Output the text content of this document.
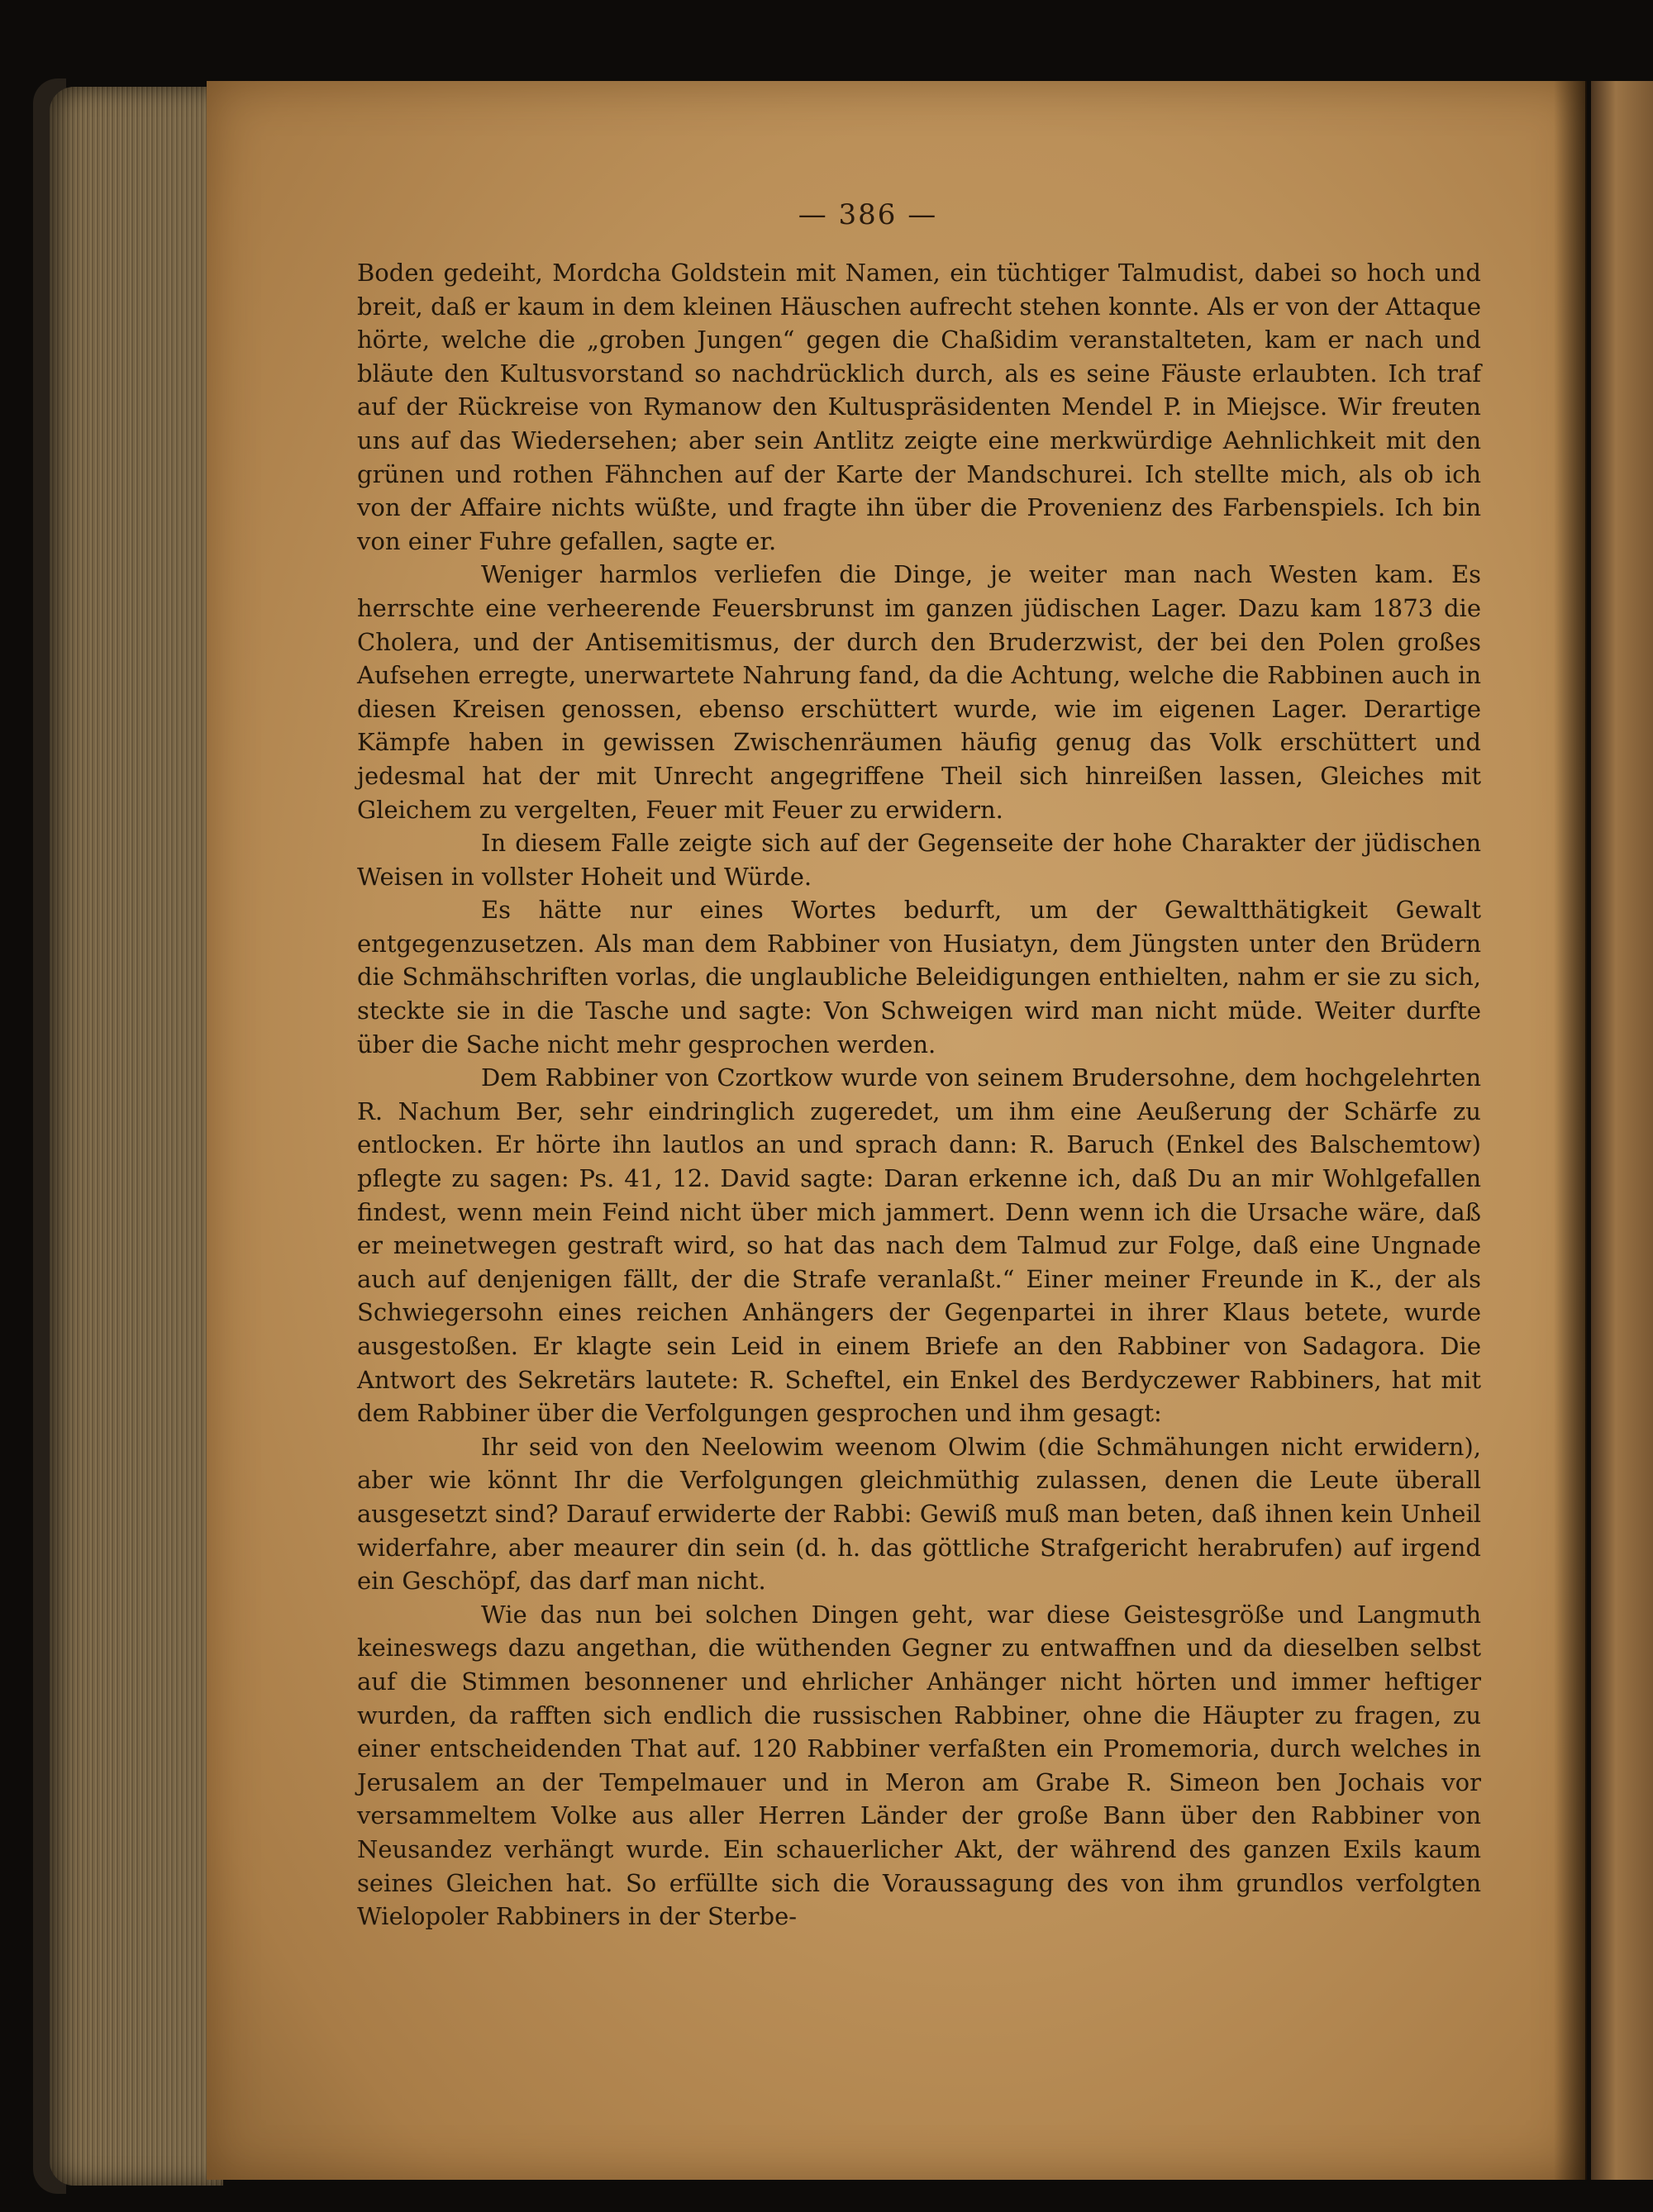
— 386 —

Boden gedeiht, Mordcha Goldstein mit Namen, ein tüchtiger Talmudist, dabei so hoch und breit, daß er kaum in dem kleinen Häuschen aufrecht stehen konnte. Als er von der Attaque hörte, welche die „groben Jungen“ gegen die Chaßidim veranstalteten, kam er nach und bläute den Kultusvorstand so nachdrücklich durch, als es seine Fäuste erlaubten. Ich traf auf der Rückreise von Rymanow den Kultuspräsidenten Mendel P. in Miejsce. Wir freuten uns auf das Wiedersehen; aber sein Antlitz zeigte eine merkwürdige Aehnlichkeit mit den grünen und rothen Fähnchen auf der Karte der Mandschurei. Ich stellte mich, als ob ich von der Affaire nichts wüßte, und fragte ihn über die Provenienz des Farbenspiels. Ich bin von einer Fuhre gefallen, sagte er.

Weniger harmlos verliefen die Dinge, je weiter man nach Westen kam. Es herrschte eine verheerende Feuersbrunst im ganzen jüdischen Lager. Dazu kam 1873 die Cholera, und der Antisemitismus, der durch den Bruderzwist, der bei den Polen großes Aufsehen erregte, unerwartete Nahrung fand, da die Achtung, welche die Rabbinen auch in diesen Kreisen genossen, ebenso erschüttert wurde, wie im eigenen Lager. Derartige Kämpfe haben in gewissen Zwischenräumen häufig genug das Volk erschüttert und jedesmal hat der mit Unrecht angegriffene Theil sich hinreißen lassen, Gleiches mit Gleichem zu vergelten, Feuer mit Feuer zu erwidern.

In diesem Falle zeigte sich auf der Gegenseite der hohe Charakter der jüdischen Weisen in vollster Hoheit und Würde.

Es hätte nur eines Wortes bedurft, um der Gewaltthätigkeit Gewalt entgegenzusetzen. Als man dem Rabbiner von Husiatyn, dem Jüngsten unter den Brüdern die Schmähschriften vorlas, die unglaubliche Beleidigungen enthielten, nahm er sie zu sich, steckte sie in die Tasche und sagte: Von Schweigen wird man nicht müde. Weiter durfte über die Sache nicht mehr gesprochen werden.

Dem Rabbiner von Czortkow wurde von seinem Brudersohne, dem hochgelehrten R. Nachum Ber, sehr eindringlich zugeredet, um ihm eine Aeußerung der Schärfe zu entlocken. Er hörte ihn lautlos an und sprach dann: R. Baruch (Enkel des Balschemtow) pflegte zu sagen: Ps. 41, 12. David sagte: Daran erkenne ich, daß Du an mir Wohlgefallen findest, wenn mein Feind nicht über mich jammert. Denn wenn ich die Ursache wäre, daß er meinetwegen gestraft wird, so hat das nach dem Talmud zur Folge, daß eine Ungnade auch auf denjenigen fällt, der die Strafe veranlaßt.“ Einer meiner Freunde in K., der als Schwiegersohn eines reichen Anhängers der Gegenpartei in ihrer Klaus betete, wurde ausgestoßen. Er klagte sein Leid in einem Briefe an den Rabbiner von Sadagora. Die Antwort des Sekretärs lautete: R. Scheftel, ein Enkel des Berdyczewer Rabbiners, hat mit dem Rabbiner über die Verfolgungen gesprochen und ihm gesagt:

Ihr seid von den Neelowim weenom Olwim (die Schmähungen nicht erwidern), aber wie könnt Ihr die Verfolgungen gleichmüthig zulassen, denen die Leute überall ausgesetzt sind? Darauf erwiderte der Rabbi: Gewiß muß man beten, daß ihnen kein Unheil widerfahre, aber meaurer din sein (d. h. das göttliche Strafgericht herabrufen) auf irgend ein Geschöpf, das darf man nicht.

Wie das nun bei solchen Dingen geht, war diese Geistesgröße und Langmuth keineswegs dazu angethan, die wüthenden Gegner zu entwaffnen und da dieselben selbst auf die Stimmen besonnener und ehrlicher Anhänger nicht hörten und immer heftiger wurden, da rafften sich endlich die russischen Rabbiner, ohne die Häupter zu fragen, zu einer entscheidenden That auf. 120 Rabbiner verfaßten ein Promemoria, durch welches in Jerusalem an der Tempelmauer und in Meron am Grabe R. Simeon ben Jochais vor versammeltem Volke aus aller Herren Länder der große Bann über den Rabbiner von Neusandez verhängt wurde. Ein schauerlicher Akt, der während des ganzen Exils kaum seines Gleichen hat. So erfüllte sich die Voraussagung des von ihm grundlos verfolgten Wielopoler Rabbiners in der Sterbe-
